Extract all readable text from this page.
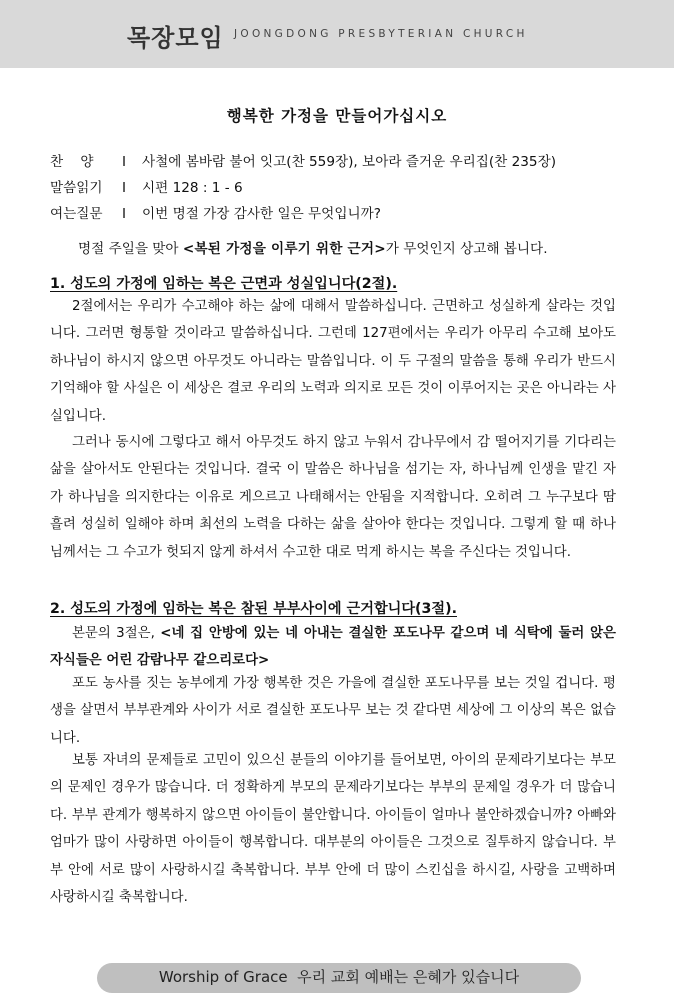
목장모임 JOONGDONG PRESBYTERIAN CHURCH
행복한 가정을 만들어가십시오
찬    양 I 사철에 봄바람 불어 잇고(찬 559장), 보아라 즐거운 우리집(찬 235장)
말씀읽기 I 시편 128 : 1 - 6
여는질문 I 이번 명절 가장 감사한 일은 무엇입니까?
명절 주일을 맞아 <복된 가정을 이루기 위한 근거>가 무엇인지 상고해 봅니다.
1. 성도의 가정에 임하는 복은 근면과 성실입니다(2절).
2절에서는 우리가 수고해야 하는 삶에 대해서 말씀하십니다. 근면하고 성실하게 살라는 것입니다. 그러면 형통할 것이라고 말씀하십니다. 그런데 127편에서는 우리가 아무리 수고해 보아도 하나님이 하시지 않으면 아무것도 아니라는 말씀입니다. 이 두 구절의 말씀을 통해 우리가 반드시 기억해야 할 사실은 이 세상은 결코 우리의 노력과 의지로 모든 것이 이루어지는 곳은 아니라는 사실입니다.
그러나 동시에 그렇다고 해서 아무것도 하지 않고 누워서 감나무에서 감 떨어지기를 기다리는 삶을 살아서도 안된다는 것입니다. 결국 이 말씀은 하나님을 섬기는 자, 하나님께 인생을 맡긴 자가 하나님을 의지한다는 이유로 게으르고 나태해서는 안됨을 지적합니다. 오히려 그 누구보다 땀 흘려 성실히 일해야 하며 최선의 노력을 다하는 삶을 살아야 한다는 것입니다. 그렇게 할 때 하나님께서는 그 수고가 헛되지 않게 하셔서 수고한 대로 먹게 하시는 복을 주신다는 것입니다.
2. 성도의 가정에 임하는 복은 참된 부부사이에 근거합니다(3절).
본문의 3절은, <네 집 안방에 있는 네 아내는 결실한 포도나무 같으며 네 식탁에 둘러 앉은 자식들은 어린 감람나무 같으리로다>
포도 농사를 짓는 농부에게 가장 행복한 것은 가을에 결실한 포도나무를 보는 것일 겁니다. 평생을 살면서 부부관계와 사이가 서로 결실한 포도나무 보는 것 같다면 세상에 그 이상의 복은 없습니다.
보통 자녀의 문제들로 고민이 있으신 분들의 이야기를 들어보면, 아이의 문제라기보다는 부모의 문제인 경우가 많습니다. 더 정확하게 부모의 문제라기보다는 부부의 문제일 경우가 더 많습니다. 부부 관계가 행복하지 않으면 아이들이 불안합니다. 아이들이 얼마나 불안하겠습니까? 아빠와 엄마가 많이 사랑하면 아이들이 행복합니다. 대부분의 아이들은 그것으로 질투하지 않습니다. 부부 안에 서로 많이 사랑하시길 축복합니다. 부부 안에 더 많이 스킨십을 하시길, 사랑을 고백하며 사랑하시길 축복합니다.
Worship of Grace  우리 교회 예배는 은혜가 있습니다
